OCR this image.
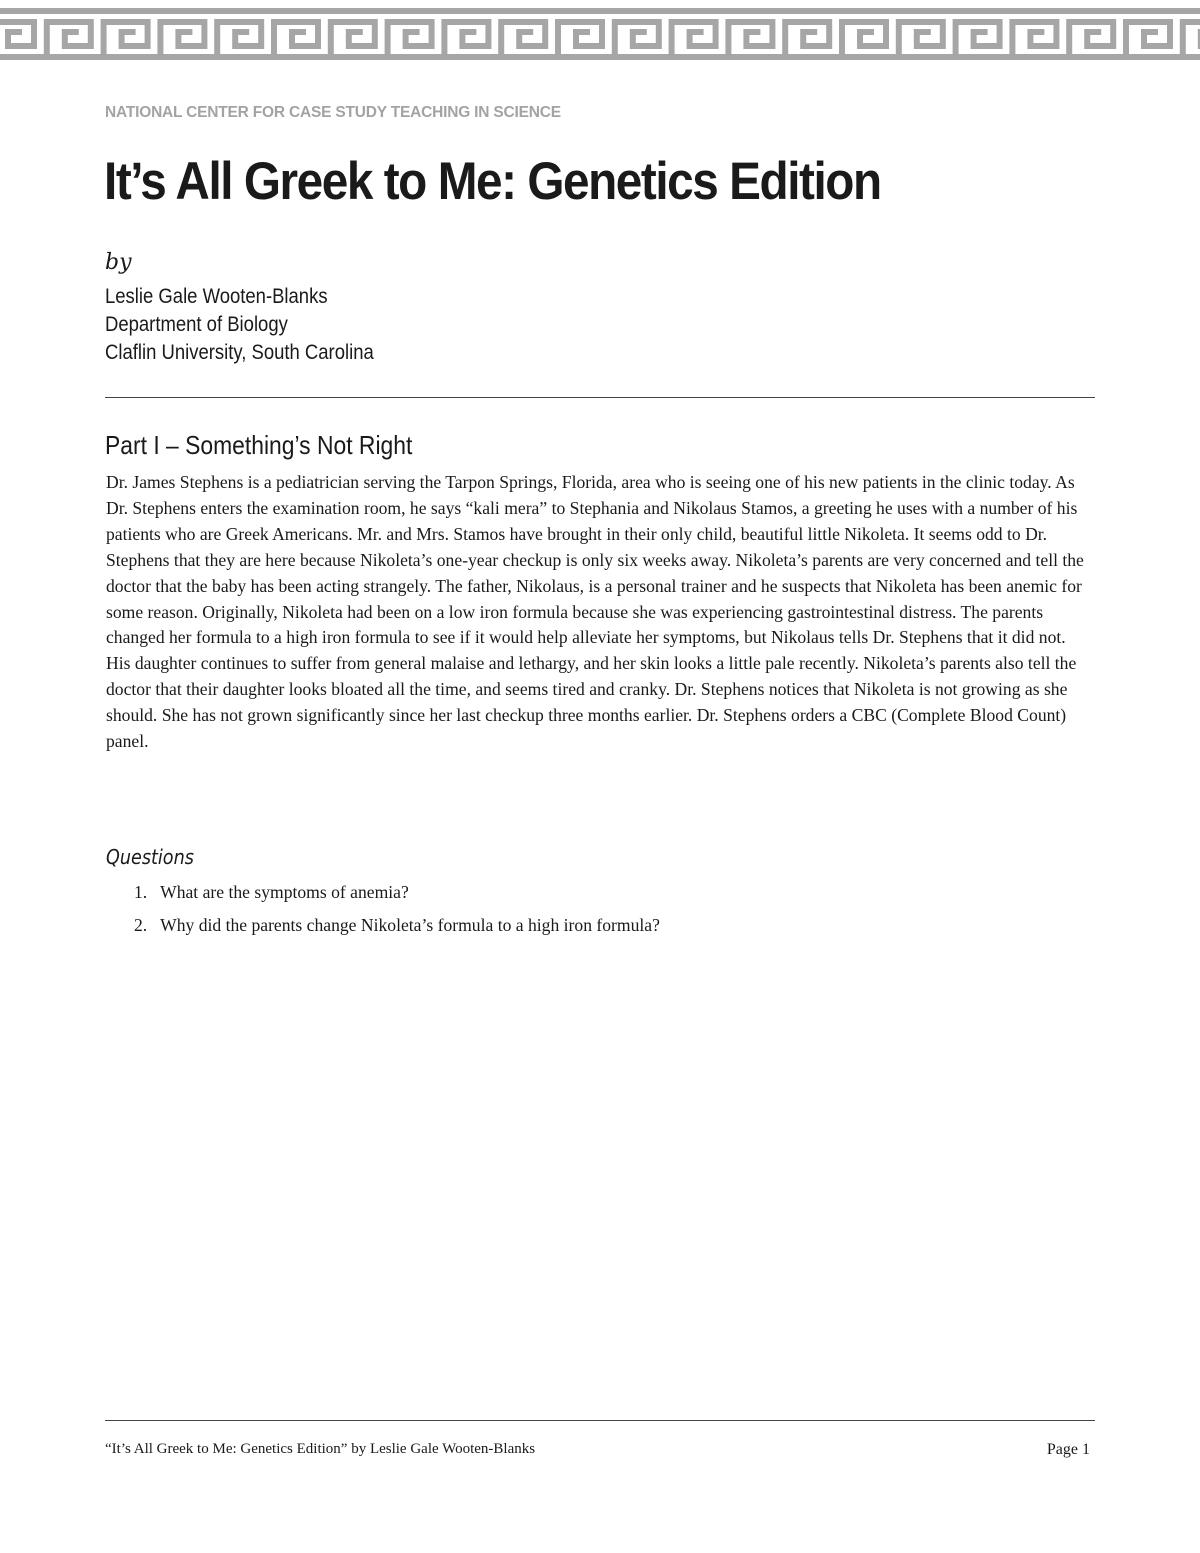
NATIONAL CENTER FOR CASE STUDY TEACHING IN SCIENCE
It’s All Greek to Me: Genetics Edition
by
Leslie Gale Wooten-Blanks
Department of Biology
Claflin University, South Carolina
Part I – Something’s Not Right

Dr. James Stephens is a pediatrician serving the Tarpon Springs, Florida, area who is seeing one of his new patients in the clinic today. As Dr. Stephens enters the examination room, he says “kali mera” to Stephania and Nikolaus Stamos, a greeting he uses with a number of his patients who are Greek Americans. Mr. and Mrs. Stamos have brought in their only child, beautiful little Nikoleta. It seems odd to Dr. Stephens that they are here because Nikoleta’s one-year checkup is only six weeks away. Nikoleta’s parents are very concerned and tell the doctor that the baby has been acting strangely. The father, Nikolaus, is a personal trainer and he suspects that Nikoleta has been anemic for some reason. Originally, Nikoleta had been on a low iron formula because she was experiencing gastrointestinal distress. The parents changed her formula to a high iron formula to see if it would help alleviate her symptoms, but Nikolaus tells Dr. Stephens that it did not. His daughter continues to suffer from general malaise and lethargy, and her skin looks a little pale recently. Nikoleta’s parents also tell the doctor that their daughter looks bloated all the time, and seems tired and cranky. Dr. Stephens notices that Nikoleta is not growing as she should. She has not grown significantly since her last checkup three months earlier. Dr. Stephens orders a CBC (Complete Blood Count) panel.

Questions
1. What are the symptoms of anemia?
2. Why did the parents change Nikoleta’s formula to a high iron formula?
“It’s All Greek to Me: Genetics Edition” by Leslie Gale Wooten-Blanks	Page 1
